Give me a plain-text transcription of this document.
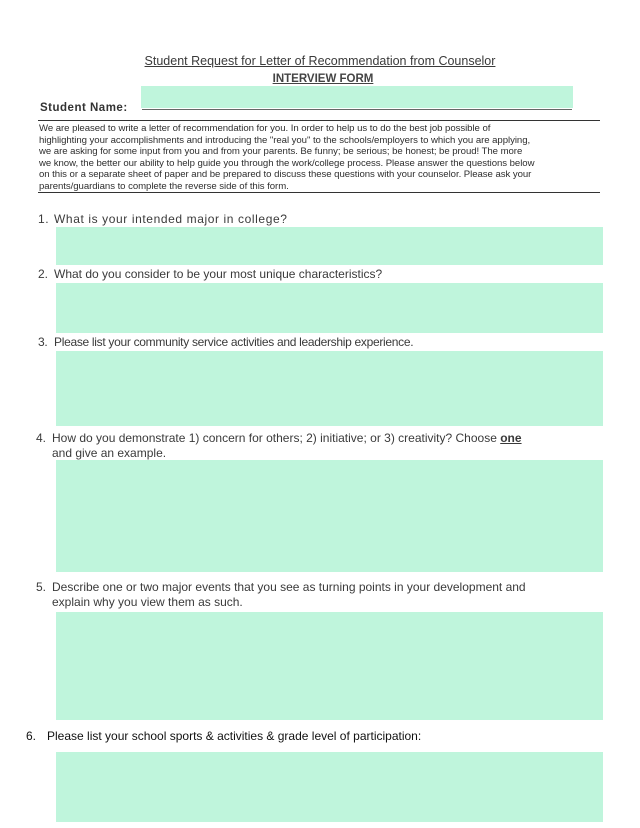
Student Request for Letter of Recommendation from Counselor
INTERVIEW FORM
Student Name:
We are pleased to write a letter of recommendation for you. In order to help us to do the best job possible of
highlighting your accomplishments and introducing the "real you" to the schools/employers to which you are applying,
we are asking for some input from you and from your parents. Be funny; be serious; be honest; be proud! The more
we know, the better our ability to help guide you through the work/college process. Please answer the questions below
on this or a separate sheet of paper and be prepared to discuss these questions with your counselor. Please ask your
parents/guardians to complete the reverse side of this form.
1. What is your intended major in college?
2. What do you consider to be your most unique characteristics?
3. Please list your community service activities and leadership experience.
4. How do you demonstrate 1) concern for others; 2) initiative; or 3) creativity? Choose one
and give an example.
5. Describe one or two major events that you see as turning points in your development and
explain why you view them as such.
6. Please list your school sports & activities & grade level of participation:
